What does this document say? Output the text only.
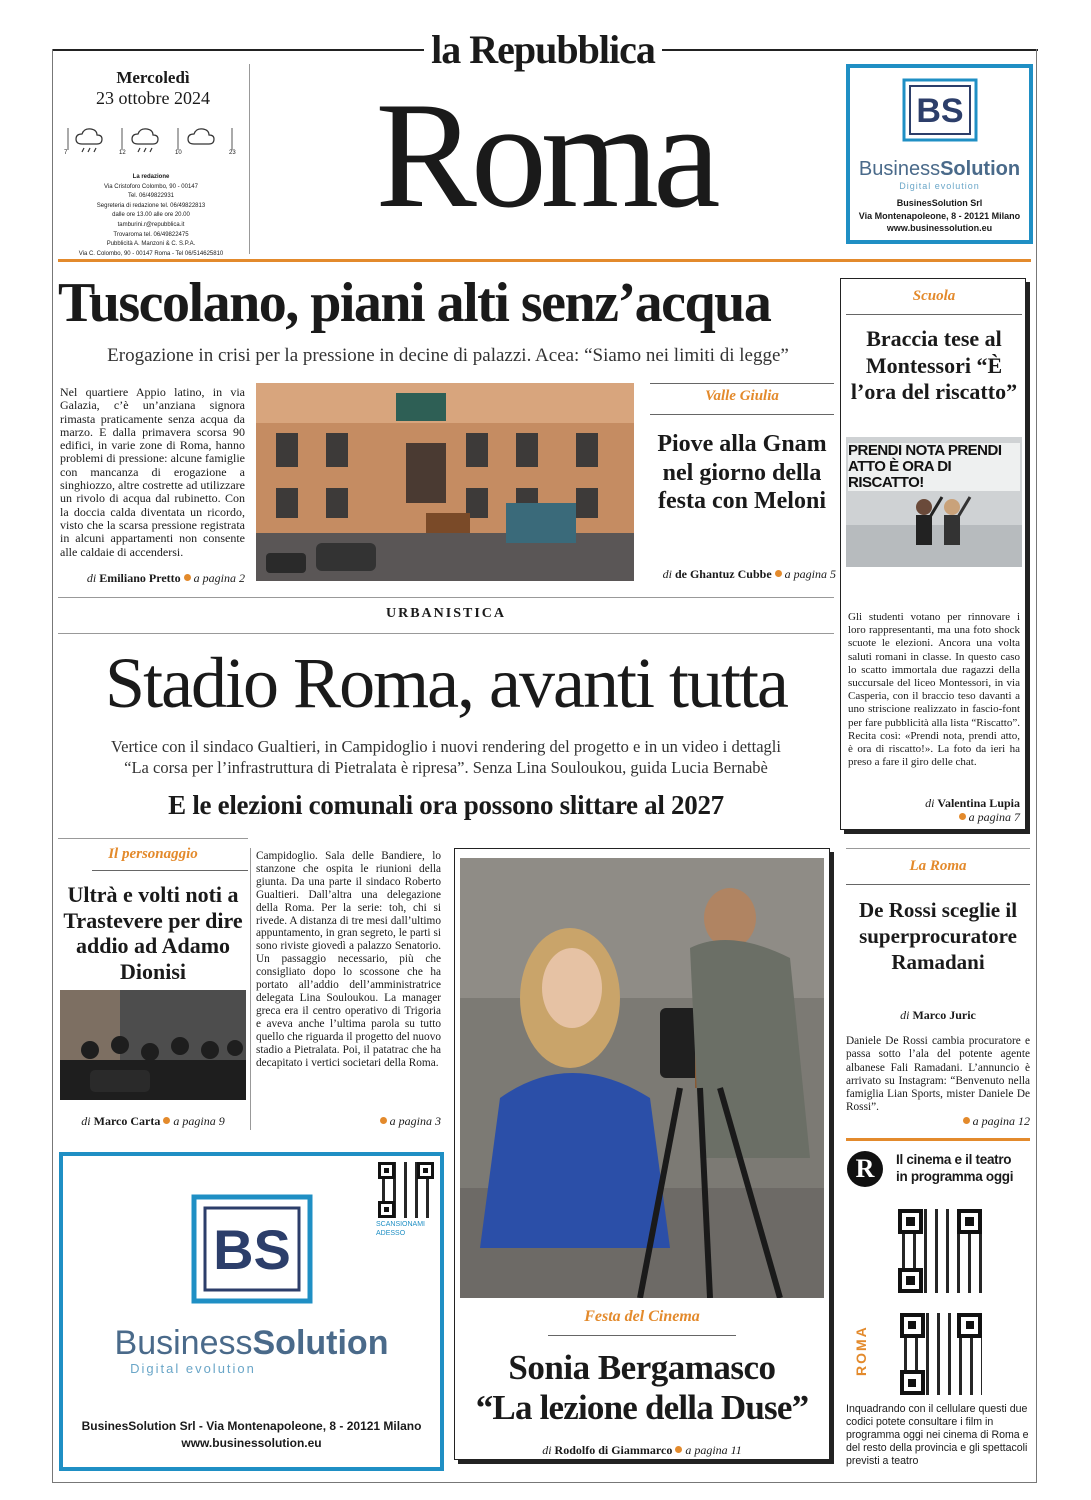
la Repubblica
Roma
Mercoledì
23 ottobre 2024
7	12	10	23
La redazione
Via Cristoforo Colombo, 90 - 00147
Tel. 06/49822931
Segreteria di redazione tel. 06/49822813
dalle ore 13.00 alle ore 20.00
tamburini.r@repubblica.it
Trovaroma tel. 06/49822475
Pubblicità A. Manzoni & C. S.P.A.
Via C. Colombo, 90 - 00147 Roma - Tel 06/514625810
BS
BusinessSolution
Digital evolution
BusinesSolution Srl
Via Montenapoleone, 8 - 20121 Milano
www.businessolution.eu
Tuscolano, piani alti senz’acqua
Erogazione in crisi per la pressione in decine di palazzi. Acea: “Siamo nei limiti di legge”
Nel quartiere Appio latino, in via Galazia, c’è un’anziana signora rimasta praticamente senza acqua da marzo. E dalla primavera scorsa 90 edifici, in varie zone di Roma, hanno problemi di pressione: alcune famiglie con mancanza di erogazione a singhiozzo, altre costrette ad utilizzare un rivolo di acqua dal rubinetto. Con la doccia calda diventata un ricordo, visto che la scarsa pressione registrata in alcuni appartamenti non consente alle caldaie di accendersi.
di Emiliano Pretto a pagina 2
Valle Giulia
Piove alla Gnam nel giorno della festa con Meloni
di de Ghantuz Cubbe a pagina 5
Scuola
Braccia tese al Montessori “È l’ora del riscatto”
PRENDI NOTA PRENDI ATTO È ORA DI RISCATTO!
Gli studenti votano per rinnovare i loro rappresentanti, ma una foto shock scuote le elezioni. Ancora una volta saluti romani in classe. In questo caso lo scatto immortala due ragazzi della succursale del liceo Montessori, in via Casperia, con il braccio teso davanti a uno striscione realizzato in fascio-font per fare pubblicità alla lista “Riscatto”. Recita così: «Prendi nota, prendi atto, è ora di riscatto!». La foto da ieri ha preso a fare il giro delle chat.
di Valentina Lupia
a pagina 7
URBANISTICA
Stadio Roma, avanti tutta
Vertice con il sindaco Gualtieri, in Campidoglio i nuovi rendering del progetto e in un video i dettagli
“La corsa per l’infrastruttura di Pietralata è ripresa”. Senza Lina Souloukou, guida Lucia Bernabè
E le elezioni comunali ora possono slittare al 2027
Il personaggio
Ultrà e volti noti a Trastevere per dire addio ad Adamo Dionisi
di Marco Carta a pagina 9
Campidoglio. Sala delle Bandiere, lo stanzone che ospita le riunioni della giunta. Da una parte il sindaco Roberto Gualtieri. Dall’altra una delegazione della Roma. Per la serie: toh, chi si rivede. A distanza di tre mesi dall’ultimo appuntamento, in gran segreto, le parti si sono riviste giovedì a palazzo Senatorio. Un passaggio necessario, più che consigliato dopo lo scossone che ha portato all’addio dell’amministratrice delegata Lina Souloukou. La manager greca era il centro operativo di Trigoria e aveva anche l’ultima parola su tutto quello che riguarda il progetto del nuovo stadio a Pietralata. Poi, il patatrac che ha decapitato i vertici societari della Roma.
a pagina 3
Festa del Cinema
Sonia Bergamasco
“La lezione della Duse”
di Rodolfo di Giammarco a pagina 11
La Roma
De Rossi sceglie il superprocuratore Ramadani
di Marco Juric
Daniele De Rossi cambia procuratore e passa sotto l’ala del potente agente albanese Fali Ramadani. L’annuncio è arrivato su Instagram: “Benvenuto nella famiglia Lian Sports, mister Daniele De Rossi”.
a pagina 12
R	Il cinema e il teatro
in programma oggi
ROMA
Inquadrando con il cellulare questi due codici potete consultare i film in programma oggi nei cinema di Roma e del resto della provincia e gli spettacoli previsti a teatro
BS
BusinessSolution
Digital evolution
SCANSIONAMI ADESSO
BusinesSolution Srl - Via Montenapoleone, 8 - 20121 Milano
www.businessolution.eu
